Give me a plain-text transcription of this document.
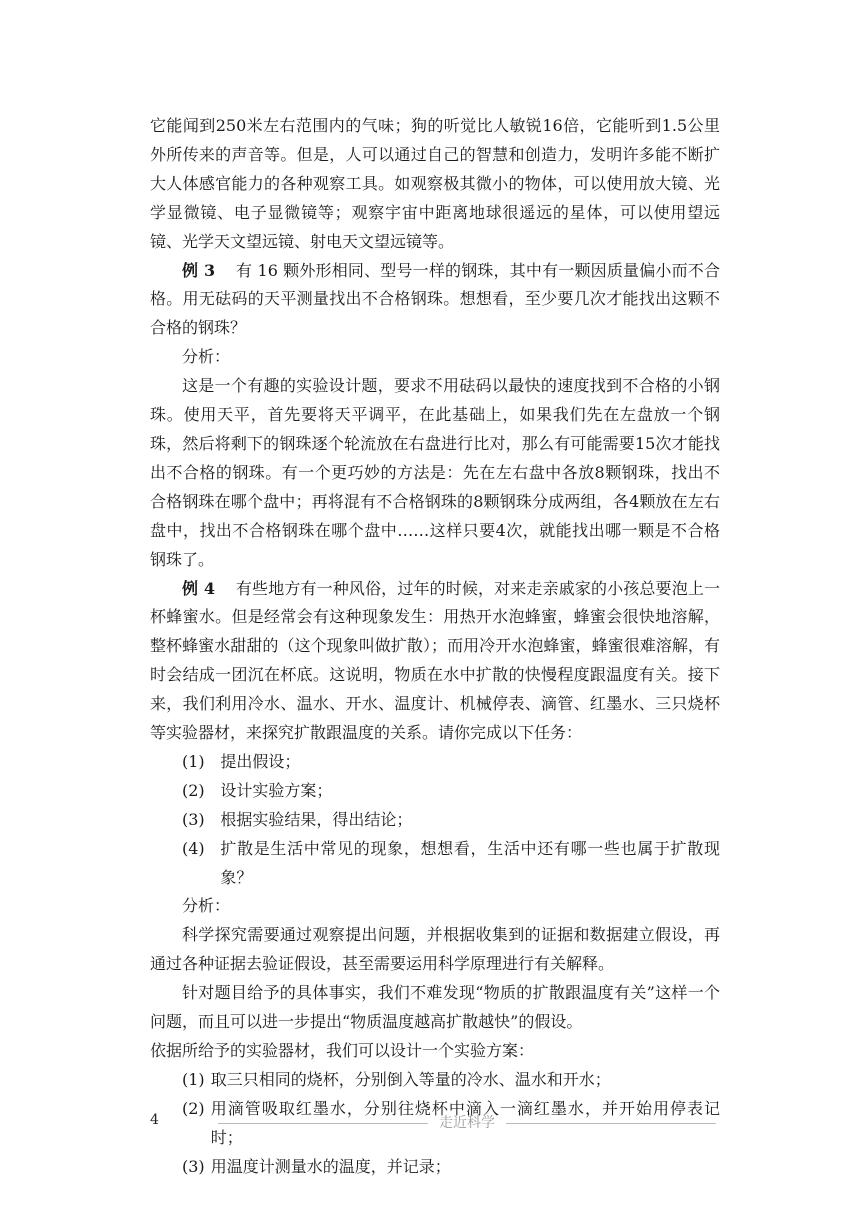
它能闻到250米左右范围内的气味；狗的听觉比人敏锐16倍，它能听到1.5公里外所传来的声音等。但是，人可以通过自己的智慧和创造力，发明许多能不断扩大人体感官能力的各种观察工具。如观察极其微小的物体，可以使用放大镜、光学显微镜、电子显微镜等；观察宇宙中距离地球很遥远的星体，可以使用望远镜、光学天文望远镜、射电天文望远镜等。

例 3 有 16 颗外形相同、型号一样的钢珠，其中有一颗因质量偏小而不合格。用无砝码的天平测量找出不合格钢珠。想想看，至少要几次才能找出这颗不合格的钢珠？

分析：

这是一个有趣的实验设计题，要求不用砝码以最快的速度找到不合格的小钢珠。使用天平，首先要将天平调平，在此基础上，如果我们先在左盘放一个钢珠，然后将剩下的钢珠逐个轮流放在右盘进行比对，那么有可能需要15次才能找出不合格的钢珠。有一个更巧妙的方法是：先在左右盘中各放8颗钢珠，找出不合格钢珠在哪个盘中；再将混有不合格钢珠的8颗钢珠分成两组，各4颗放在左右盘中，找出不合格钢珠在哪个盘中……这样只要4次，就能找出哪一颗是不合格钢珠了。

例 4 有些地方有一种风俗，过年的时候，对来走亲戚家的小孩总要泡上一杯蜂蜜水。但是经常会有这种现象发生：用热开水泡蜂蜜，蜂蜜会很快地溶解，整杯蜂蜜水甜甜的（这个现象叫做扩散）；而用冷开水泡蜂蜜，蜂蜜很难溶解，有时会结成一团沉在杯底。这说明，物质在水中扩散的快慢程度跟温度有关。接下来，我们利用冷水、温水、开水、温度计、机械停表、滴管、红墨水、三只烧杯等实验器材，来探究扩散跟温度的关系。请你完成以下任务：

(1) 提出假设；
(2) 设计实验方案；
(3) 根据实验结果，得出结论；
(4) 扩散是生活中常见的现象，想想看，生活中还有哪一些也属于扩散现象？

分析：

科学探究需要通过观察提出问题，并根据收集到的证据和数据建立假设，再通过各种证据去验证假设，甚至需要运用科学原理进行有关解释。

针对题目给予的具体事实，我们不难发现“物质的扩散跟温度有关”这样一个问题，而且可以进一步提出“物质温度越高扩散越快”的假设。

依据所给予的实验器材，我们可以设计一个实验方案：

(1) 取三只相同的烧杯，分别倒入等量的冷水、温水和开水；
(2) 用滴管吸取红墨水，分别往烧杯中滴入一滴红墨水，并开始用停表记时；
(3) 用温度计测量水的温度，并记录；
4	走近科学
